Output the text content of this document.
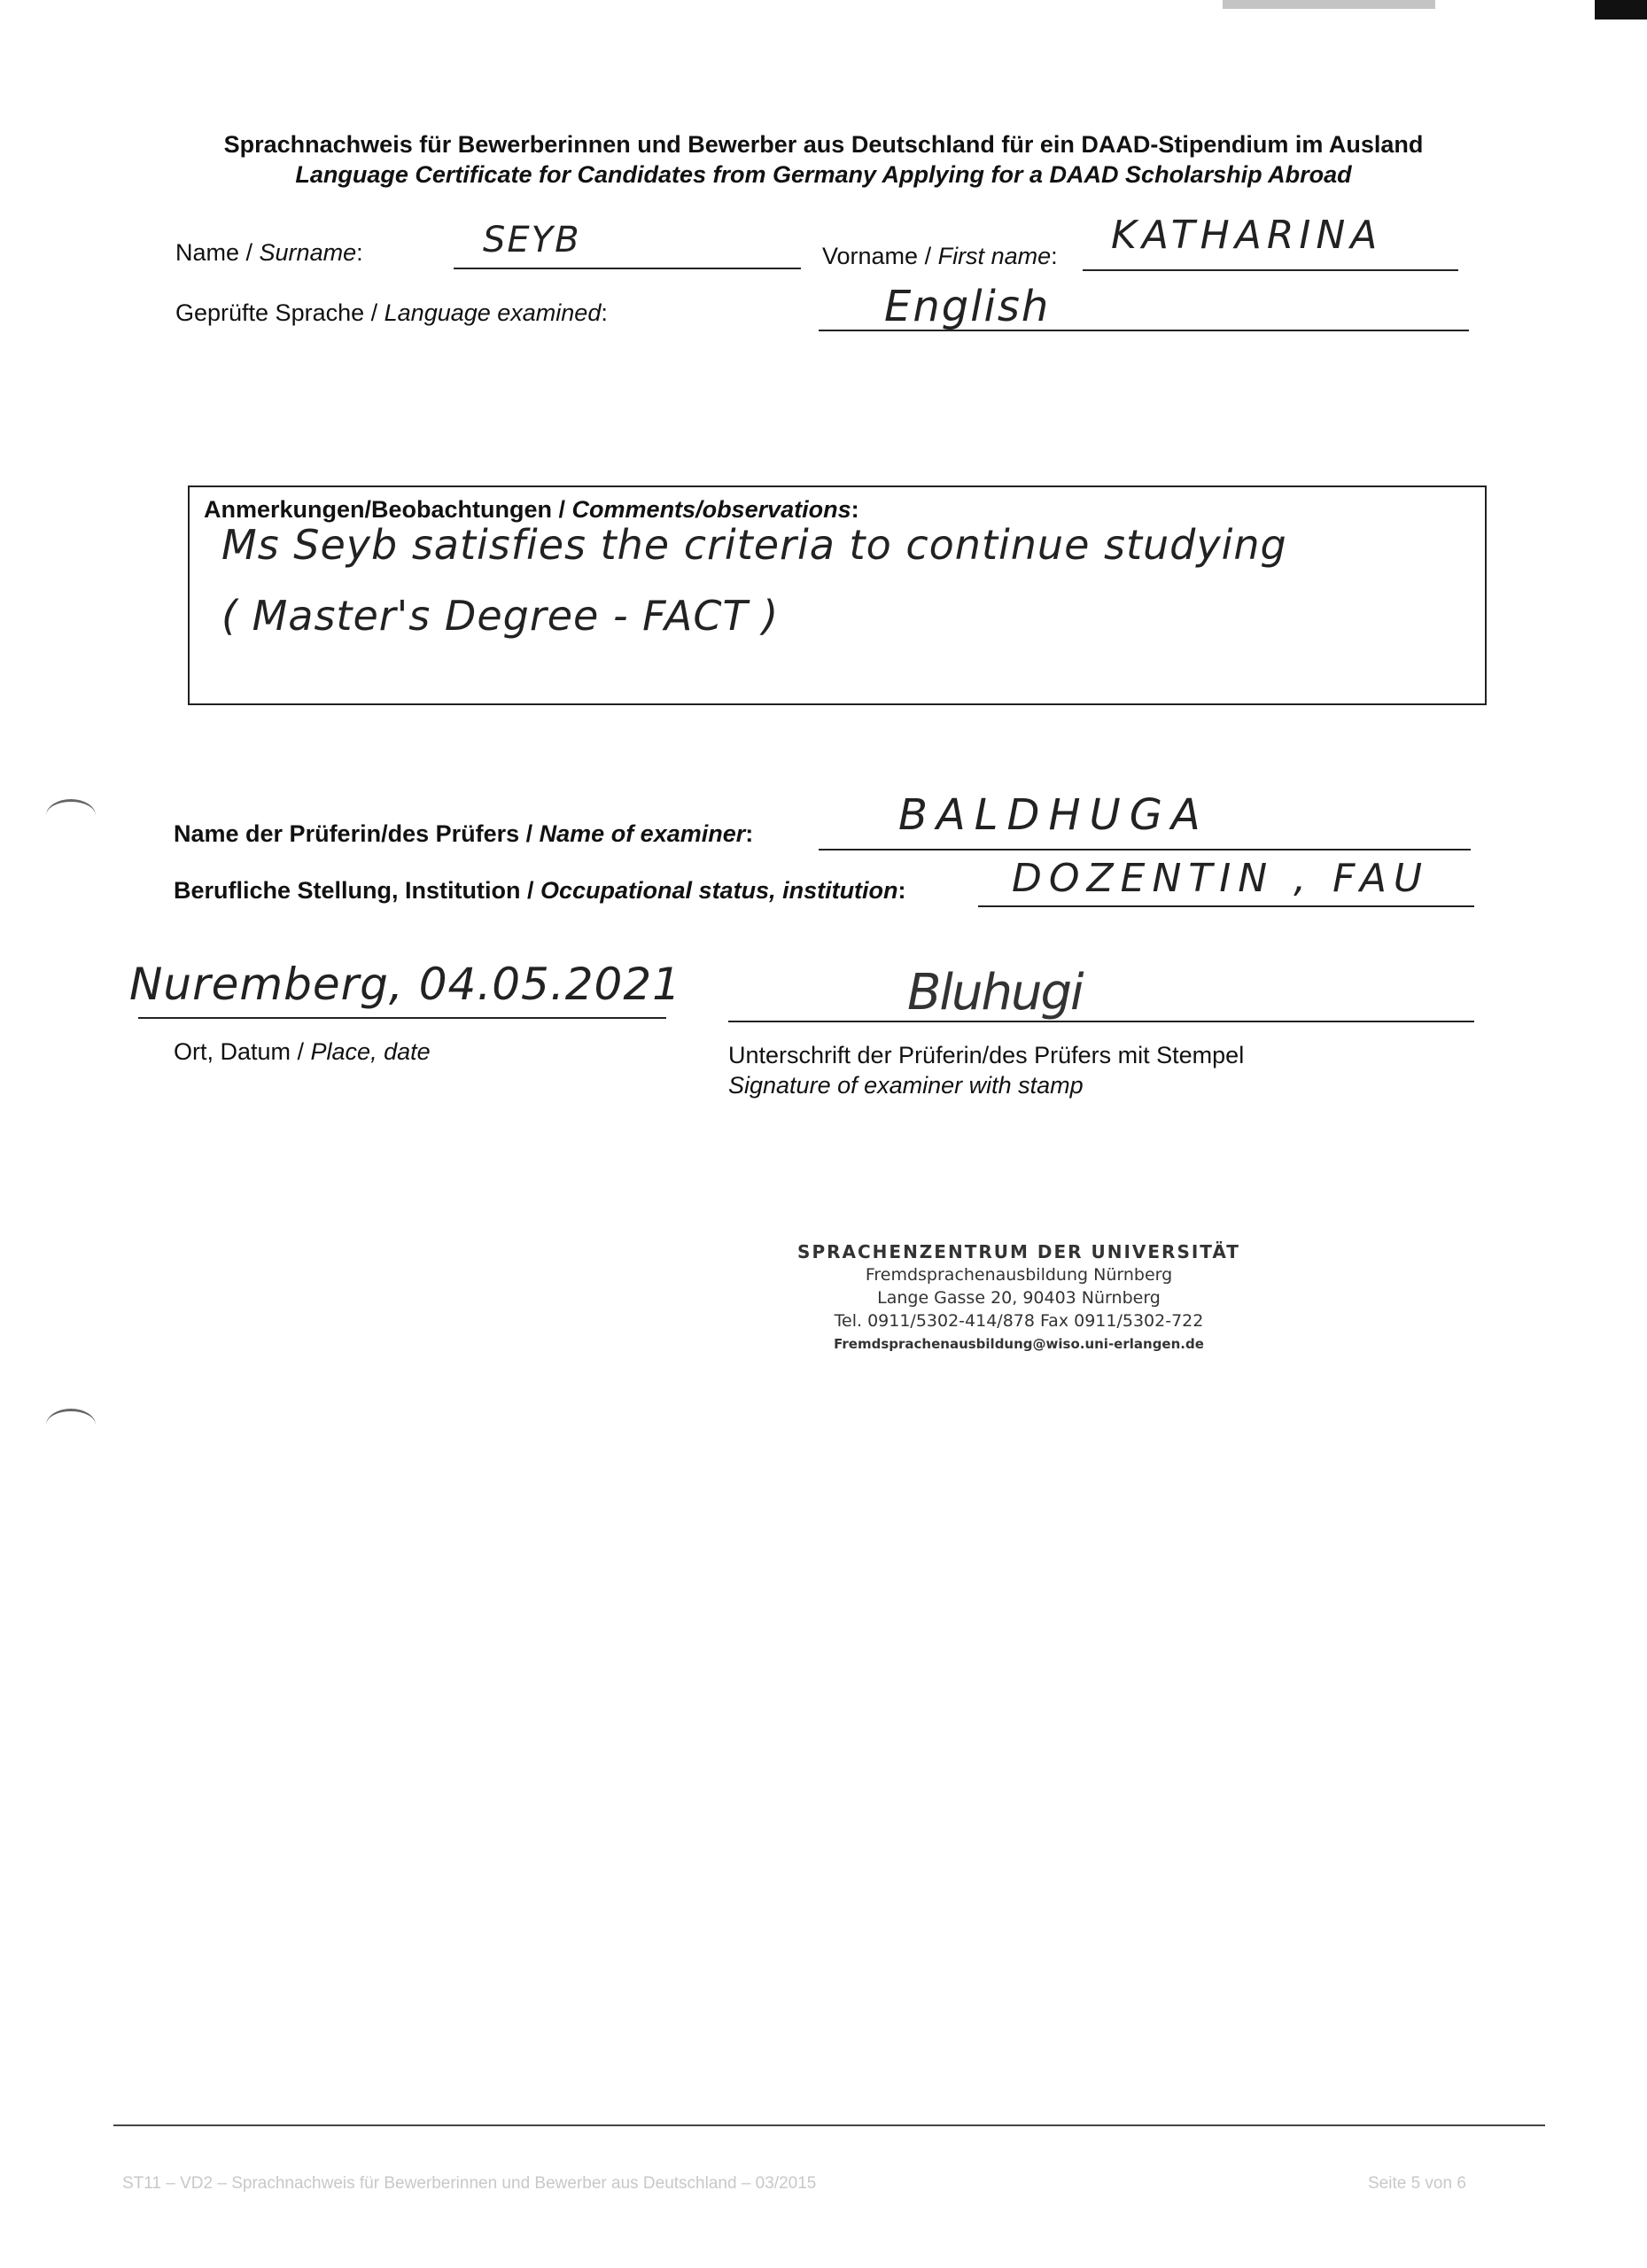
Sprachnachweis für Bewerberinnen und Bewerber aus Deutschland für ein DAAD-Stipendium im Ausland
Language Certificate for Candidates from Germany Applying for a DAAD Scholarship Abroad
Name / Surname:	SEYB	Vorname / First name: KATHARINA
Geprüfte Sprache / Language examined:	English
Anmerkungen/Beobachtungen / Comments/observations:
Ms Seyb satisfies the criteria to continue studying
( Master's Degree - FACT )
Name der Prüferin/des Prüfers / Name of examiner:	BALDHUGA
Berufliche Stellung, Institution / Occupational status, institution:	DOZENTIN , FAU
Nuremberg, 04.05.2021
Ort, Datum / Place, date
Bluhugi
Unterschrift der Prüferin/des Prüfers mit Stempel
Signature of examiner with stamp
SPRACHENZENTRUM DER UNIVERSITÄT
Fremdsprachenausbildung Nürnberg
Lange Gasse 20, 90403 Nürnberg
Tel. 0911/5302-414/878 Fax 0911/5302-722
Fremdsprachenausbildung@wiso.uni-erlangen.de
ST11 – VD2 – Sprachnachweis für Bewerberinnen und Bewerber aus Deutschland – 03/2015	Seite 5 von 6
